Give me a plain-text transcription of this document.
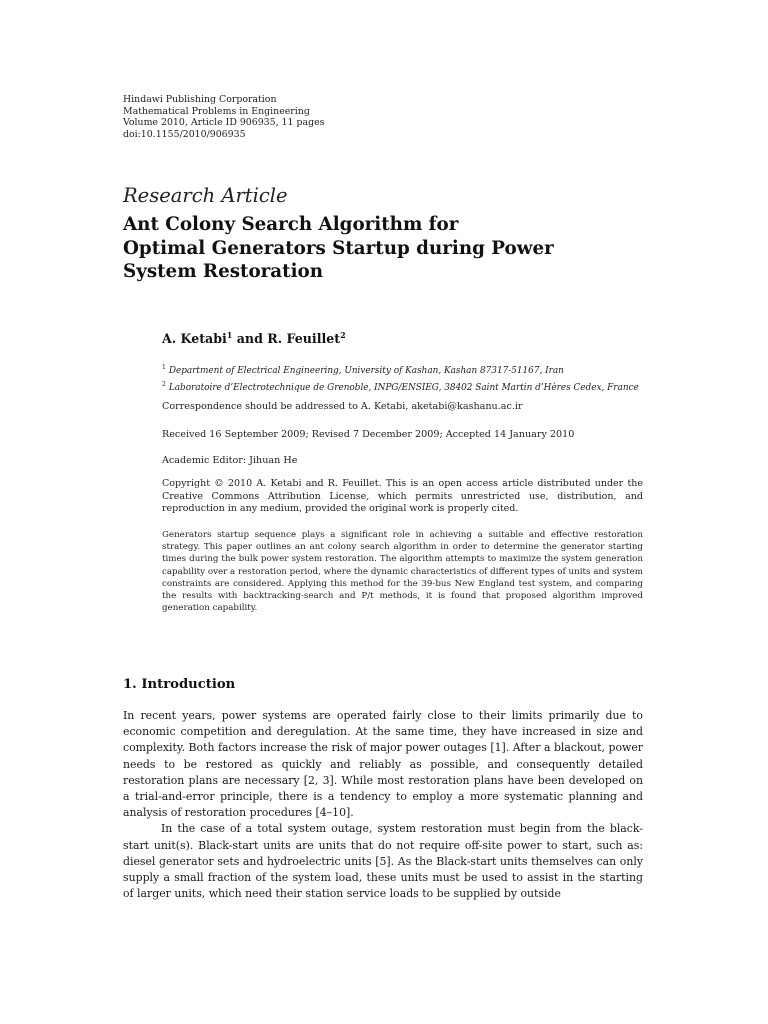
Hindawi Publishing Corporation
Mathematical Problems in Engineering
Volume 2010, Article ID 906935, 11 pages
doi:10.1155/2010/906935
Research Article
Ant Colony Search Algorithm for
Optimal Generators Startup during Power
System Restoration
A. Ketabi$^1$ and R. Feuillet$^2$
$^1$ Department of Electrical Engineering, University of Kashan, Kashan 87317-51167, Iran
$^2$ Laboratoire d’Electrotechnique de Grenoble, INPG/ENSIEG, 38402 Saint Martin d’Hères Cedex, France
Correspondence should be addressed to A. Ketabi, aketabi@kashanu.ac.ir
Received 16 September 2009; Revised 7 December 2009; Accepted 14 January 2010
Academic Editor: Jihuan He
Copyright © 2010 A. Ketabi and R. Feuillet. This is an open access article distributed under the Creative Commons Attribution License, which permits unrestricted use, distribution, and reproduction in any medium, provided the original work is properly cited.
Generators startup sequence plays a significant role in achieving a suitable and effective restoration strategy. This paper outlines an ant colony search algorithm in order to determine the generator starting times during the bulk power system restoration. The algorithm attempts to maximize the system generation capability over a restoration period, where the dynamic characteristics of different types of units and system constraints are considered. Applying this method for the 39-bus New England test system, and comparing the results with backtracking-search and P/t methods, it is found that proposed algorithm improved generation capability.
1. Introduction

In recent years, power systems are operated fairly close to their limits primarily due to economic competition and deregulation. At the same time, they have increased in size and complexity. Both factors increase the risk of major power outages [1]. After a blackout, power needs to be restored as quickly and reliably as possible, and consequently detailed restoration plans are necessary [2, 3]. While most restoration plans have been developed on a trial-and-error principle, there is a tendency to employ a more systematic planning and analysis of restoration procedures [4–10].

In the case of a total system outage, system restoration must begin from the black-start unit(s). Black-start units are units that do not require off-site power to start, such as: diesel generator sets and hydroelectric units [5]. As the Black-start units themselves can only supply a small fraction of the system load, these units must be used to assist in the starting of larger units, which need their station service loads to be supplied by outside
